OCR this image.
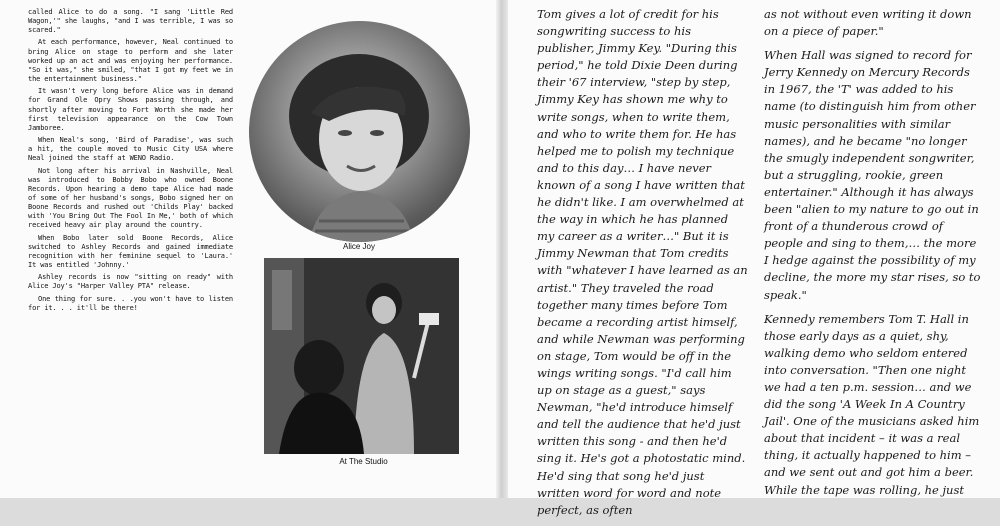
called Alice to do a song. "I sang 'Little Red Wagon,'" she laughs, "and I was terrible, I was so scared."

At each performance, however, Neal continued to bring Alice on stage to perform and she later worked up an act and was enjoying her performance. "So it was," she smiled, "that I got my feet we in the entertainment business."

It wasn't very long before Alice was in demand for Grand Ole Opry Shows passing through, and shortly after moving to Fort Worth she made her first television appearance on the Cow Town Jamboree.

When Neal's song, 'Bird of Paradise', was such a hit, the couple moved to Music City USA where Neal joined the staff at WENO Radio.

Not long after his arrival in Nashville, Neal was introduced to Bobby Bobo who owned Boone Records. Upon hearing a demo tape Alice had made of some of her husband's songs, Bobo signed her on Boone Records and rushed out 'Childs Play' backed with 'You Bring Out The Fool In Me,' both of which received heavy air play around the country.

When Bobo later sold Boone Records, Alice switched to Ashley Records and gained immediate recognition with her feminine sequel to 'Laura.' It was entitled 'Johnny.'

Ashley records is now "sitting on ready" with Alice Joy's "Harper Valley PTA" release.

One thing for sure. . .you won't have to listen for it. . . it'll be there!

Alice Joy
At The Studio

Tom gives a lot of credit for his songwriting success to his publisher, Jimmy Key. "During this period," he told Dixie Deen during their '67 interview, "step by step, Jimmy Key has shown me why to write songs, when to write them, and who to write them for. He has helped me to polish my technique and to this day… I have never known of a song I have written that he didn't like. I am overwhelmed at the way in which he has planned my career as a writer…" But it is Jimmy Newman that Tom credits with "whatever I have learned as an artist." They traveled the road together many times before Tom became a recording artist himself, and while Newman was performing on stage, Tom would be off in the wings writing songs. "I'd call him up on stage as a guest," says Newman, "he'd introduce himself and tell the audience that he'd just written this song - and then he'd sing it. He's got a photostatic mind. He'd sing that song he'd just written word for word and note perfect, as often

as not without even writing it down on a piece of paper."

When Hall was signed to record for Jerry Kennedy on Mercury Records in 1967, the 'T' was added to his name (to distinguish him from other music personalities with similar names), and he became "no longer the smugly independent songwriter, but a struggling, rookie, green entertainer." Although it has always been "alien to my nature to go out in front of a thunderous crowd of people and sing to them,… the more I hedge against the possibility of my decline, the more my star rises, so to speak."

Kennedy remembers Tom T. Hall in those early days as a quiet, shy, walking demo who seldom entered into conversation. "Then one night we had a ten p.m. session… and we did the song 'A Week In A Country Jail'. One of the musicians asked him about that incident – it was a real thing, it actually happened to him – and we sent out and got him a beer. While the tape was rolling, he just
